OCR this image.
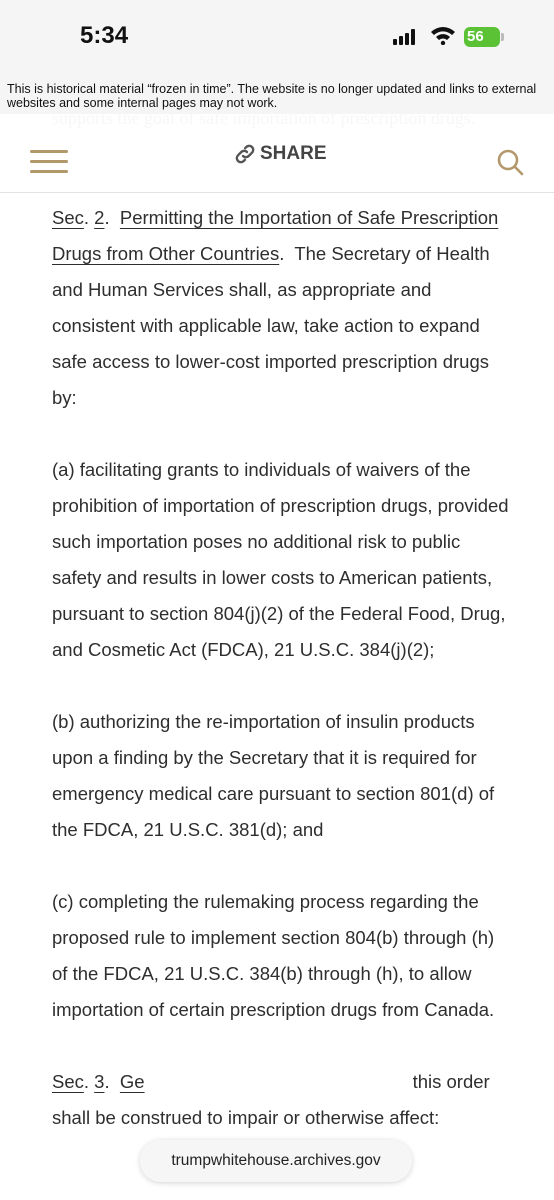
5:34	56
This is historical material “frozen in time”. The website is no longer updated and links to external websites and some internal pages may not work.
SHARE

Sec. 2.  Permitting the Importation of Safe Prescription Drugs from Other Countries.  The Secretary of Health and Human Services shall, as appropriate and consistent with applicable law, take action to expand safe access to lower-cost imported prescription drugs by:

(a) facilitating grants to individuals of waivers of the prohibition of importation of prescription drugs, provided such importation poses no additional risk to public safety and results in lower costs to American patients, pursuant to section 804(j)(2) of the Federal Food, Drug, and Cosmetic Act (FDCA), 21 U.S.C. 384(j)(2);

(b) authorizing the re-importation of insulin products upon a finding by the Secretary that it is required for emergency medical care pursuant to section 801(d) of the FDCA, 21 U.S.C. 381(d); and

(c) completing the rulemaking process regarding the proposed rule to implement section 804(b) through (h) of the FDCA, 21 U.S.C. 384(b) through (h), to allow importation of certain prescription drugs from Canada.

Sec. 3.  Ge	this order shall be construed to impair or otherwise affect:

trumpwhitehouse.archives.gov
